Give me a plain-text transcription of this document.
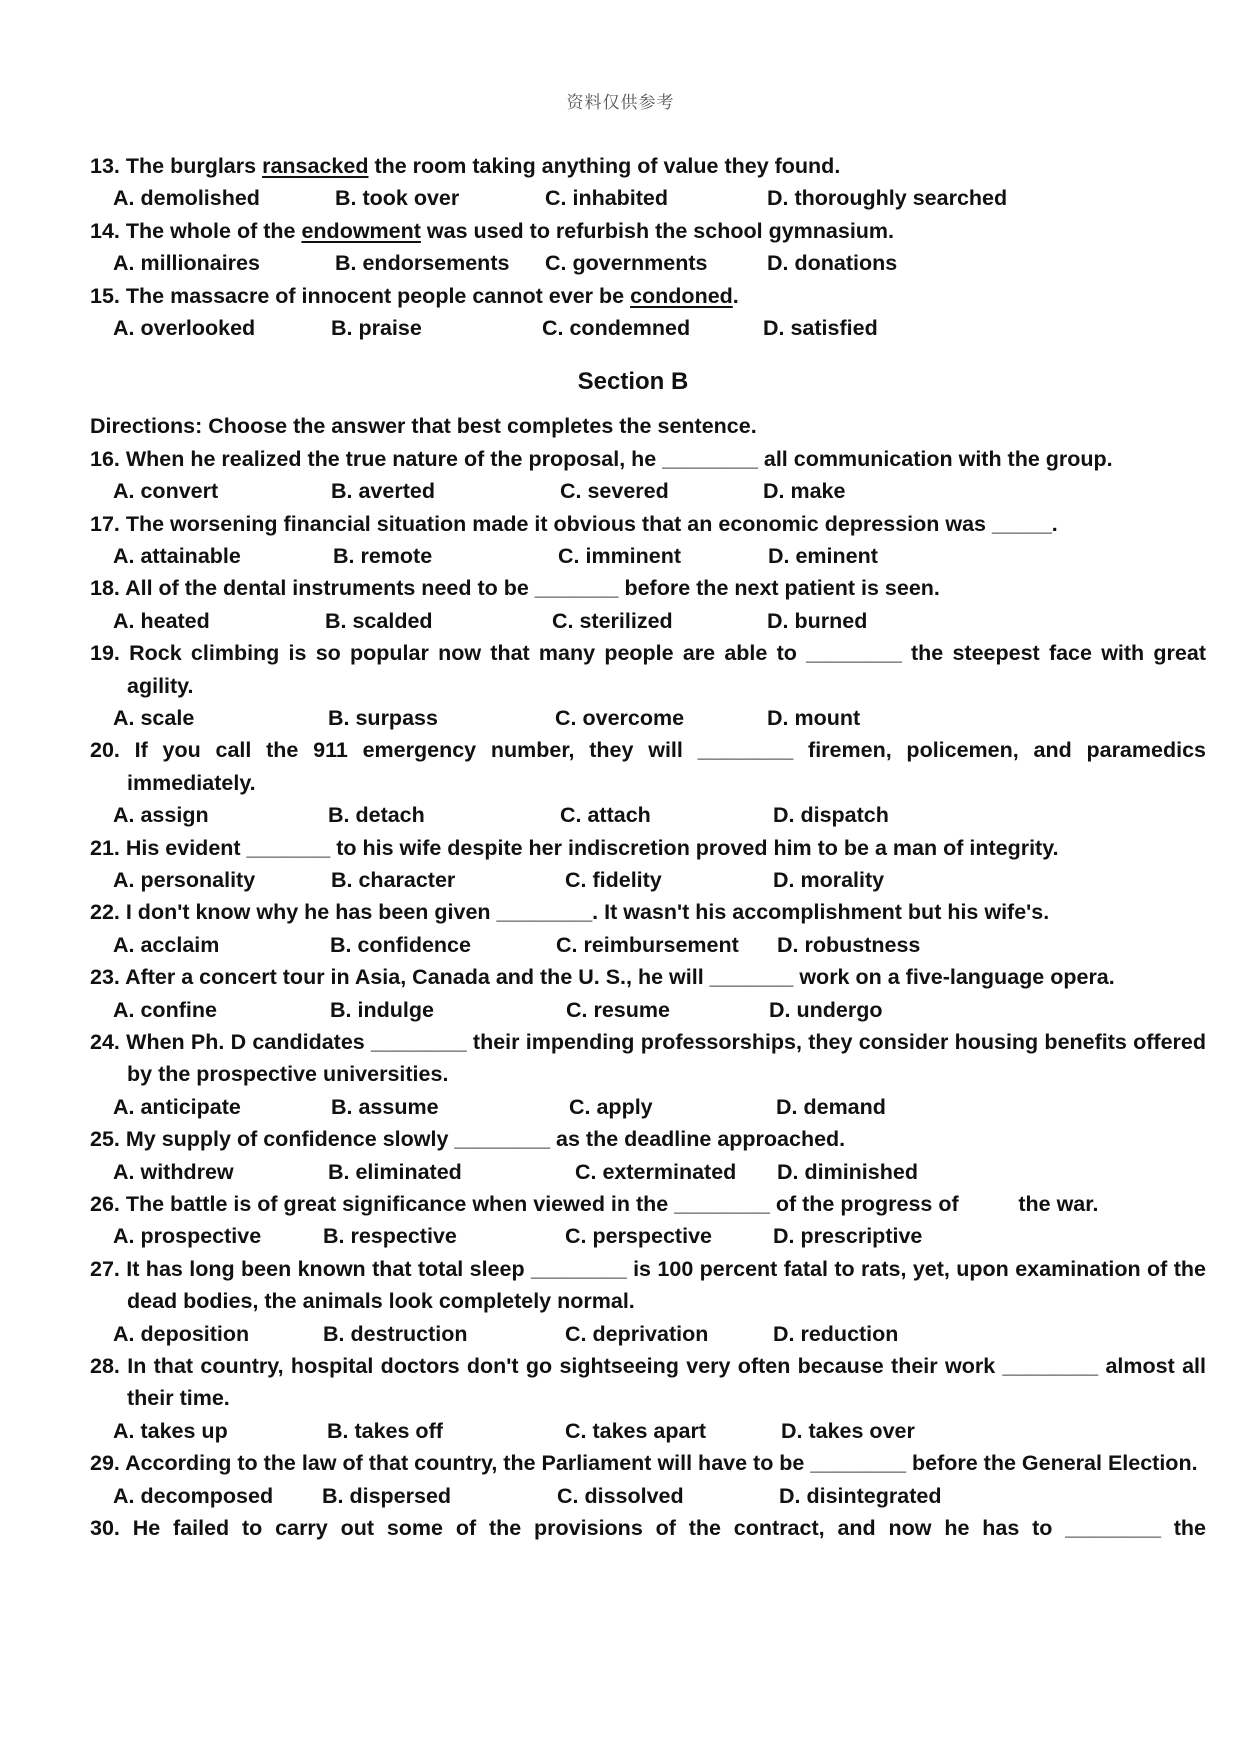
资料仅供参考
13. The burglars ransacked the room taking anything of value they found.
A. demolished	B. took over	C. inhabited	D. thoroughly searched
14. The whole of the endowment was used to refurbish the school gymnasium.
A. millionaires	B. endorsements C. governments	D. donations
15. The massacre of innocent people cannot ever be condoned.
A. overlooked	B. praise	C. condemned	D. satisfied
Section B
Directions: Choose the answer that best completes the sentence.
16. When he realized the true nature of the proposal, he ________ all communication with the group.
A. convert	B. averted	C. severed	D. make
17. The worsening financial situation made it obvious that an economic depression was _____.
A. attainable	B. remote	C. imminent	D. eminent
18. All of the dental instruments need to be _______ before the next patient is seen.
A. heated	B. scalded	C. sterilized	D. burned
19. Rock climbing is so popular now that many people are able to ________ the steepest face with great agility.
A. scale	B. surpass	C. overcome	D. mount
20. If you call the 911 emergency number, they will ________ firemen, policemen, and paramedics immediately.
A. assign	B. detach	C. attach	D. dispatch
21. His evident _______ to his wife despite her indiscretion proved him to be a man of integrity.
A. personality	B. character	C. fidelity	D. morality
22. I don't know why he has been given ________. It wasn't his accomplishment but his wife's.
A. acclaim	B. confidence	C. reimbursement D. robustness
23. After a concert tour in Asia, Canada and the U. S., he will _______ work on a five-language opera.
A. confine	B. indulge	C. resume	D. undergo
24. When Ph. D candidates ________ their impending professorships, they consider housing benefits offered by the prospective universities.
A. anticipate	B. assume	C. apply	D. demand
25. My supply of confidence slowly ________ as the deadline approached.
A. withdrew	B. eliminated	C. exterminated D. diminished
26. The battle is of great significance when viewed in the ________ of the progress of          the war.
A. prospective	B. respective	C. perspective	D. prescriptive
27. It has long been known that total sleep ________ is 100 percent fatal to rats, yet, upon examination of the dead bodies, the animals look completely normal.
A. deposition	B. destruction	C. deprivation	D. reduction
28. In that country, hospital doctors don't go sightseeing very often because their work ________ almost all their time.
A. takes up	B. takes off	C. takes apart	D. takes over
29. According to the law of that country, the Parliament will have to be ________ before the General Election.
A. decomposed B. dispersed	C. dissolved	D. disintegrated
30. He failed to carry out some of the provisions of the contract, and now he has to ________ the
